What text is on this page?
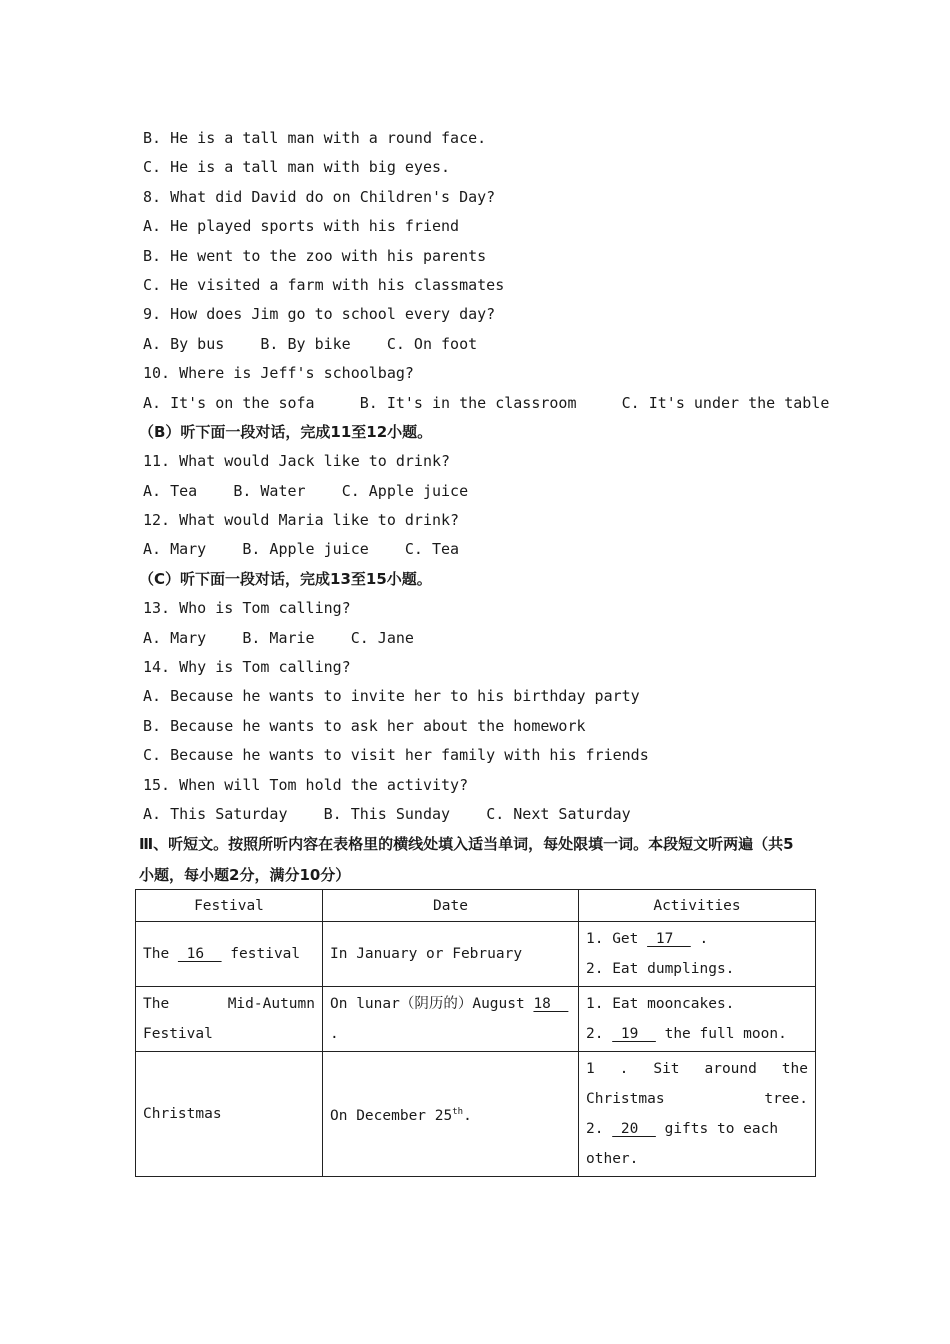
B. He is a tall man with a round face.
C. He is a tall man with big eyes.
8. What did David do on Children's Day?
A. He played sports with his friend
B. He went to the zoo with his parents
C. He visited a farm with his classmates
9. How does Jim go to school every day?
A. By bus B. By bike C. On foot
10. Where is Jeff's schoolbag?
A. It's on the sofa	B. It's in the classroom	C. It's under the table
（B）听下面一段对话，完成11至12小题。
11. What would Jack like to drink?
A. Tea B. Water C. Apple juice
12. What would Maria like to drink?
A. Mary B. Apple juice C. Tea
（C）听下面一段对话，完成13至15小题。
13. Who is Tom calling?
A. Mary B. Marie C. Jane
14. Why is Tom calling?
A. Because he wants to invite her to his birthday party
B. Because he wants to ask her about the homework
C. Because he wants to visit her family with his friends
15. When will Tom hold the activity?
A. This Saturday B. This Sunday C. Next Saturday
Ⅲ、听短文。按照所听内容在表格里的横线处填入适当单词，每处限填一词。本段短文听两遍（共5小题，每小题2分，满分10分）
Festival	Date	Activities
The  16   festival	In January or February	1. Get  17   .
2. Eat dumplings.

The Mid-Autumn Festival	On lunar（阴历的）August 18   .	1. Eat mooncakes.
2.  19   the full moon.

Christmas	On December 25th.	1 . Sit around the Christmas tree.
2.  20   gifts to each other.
